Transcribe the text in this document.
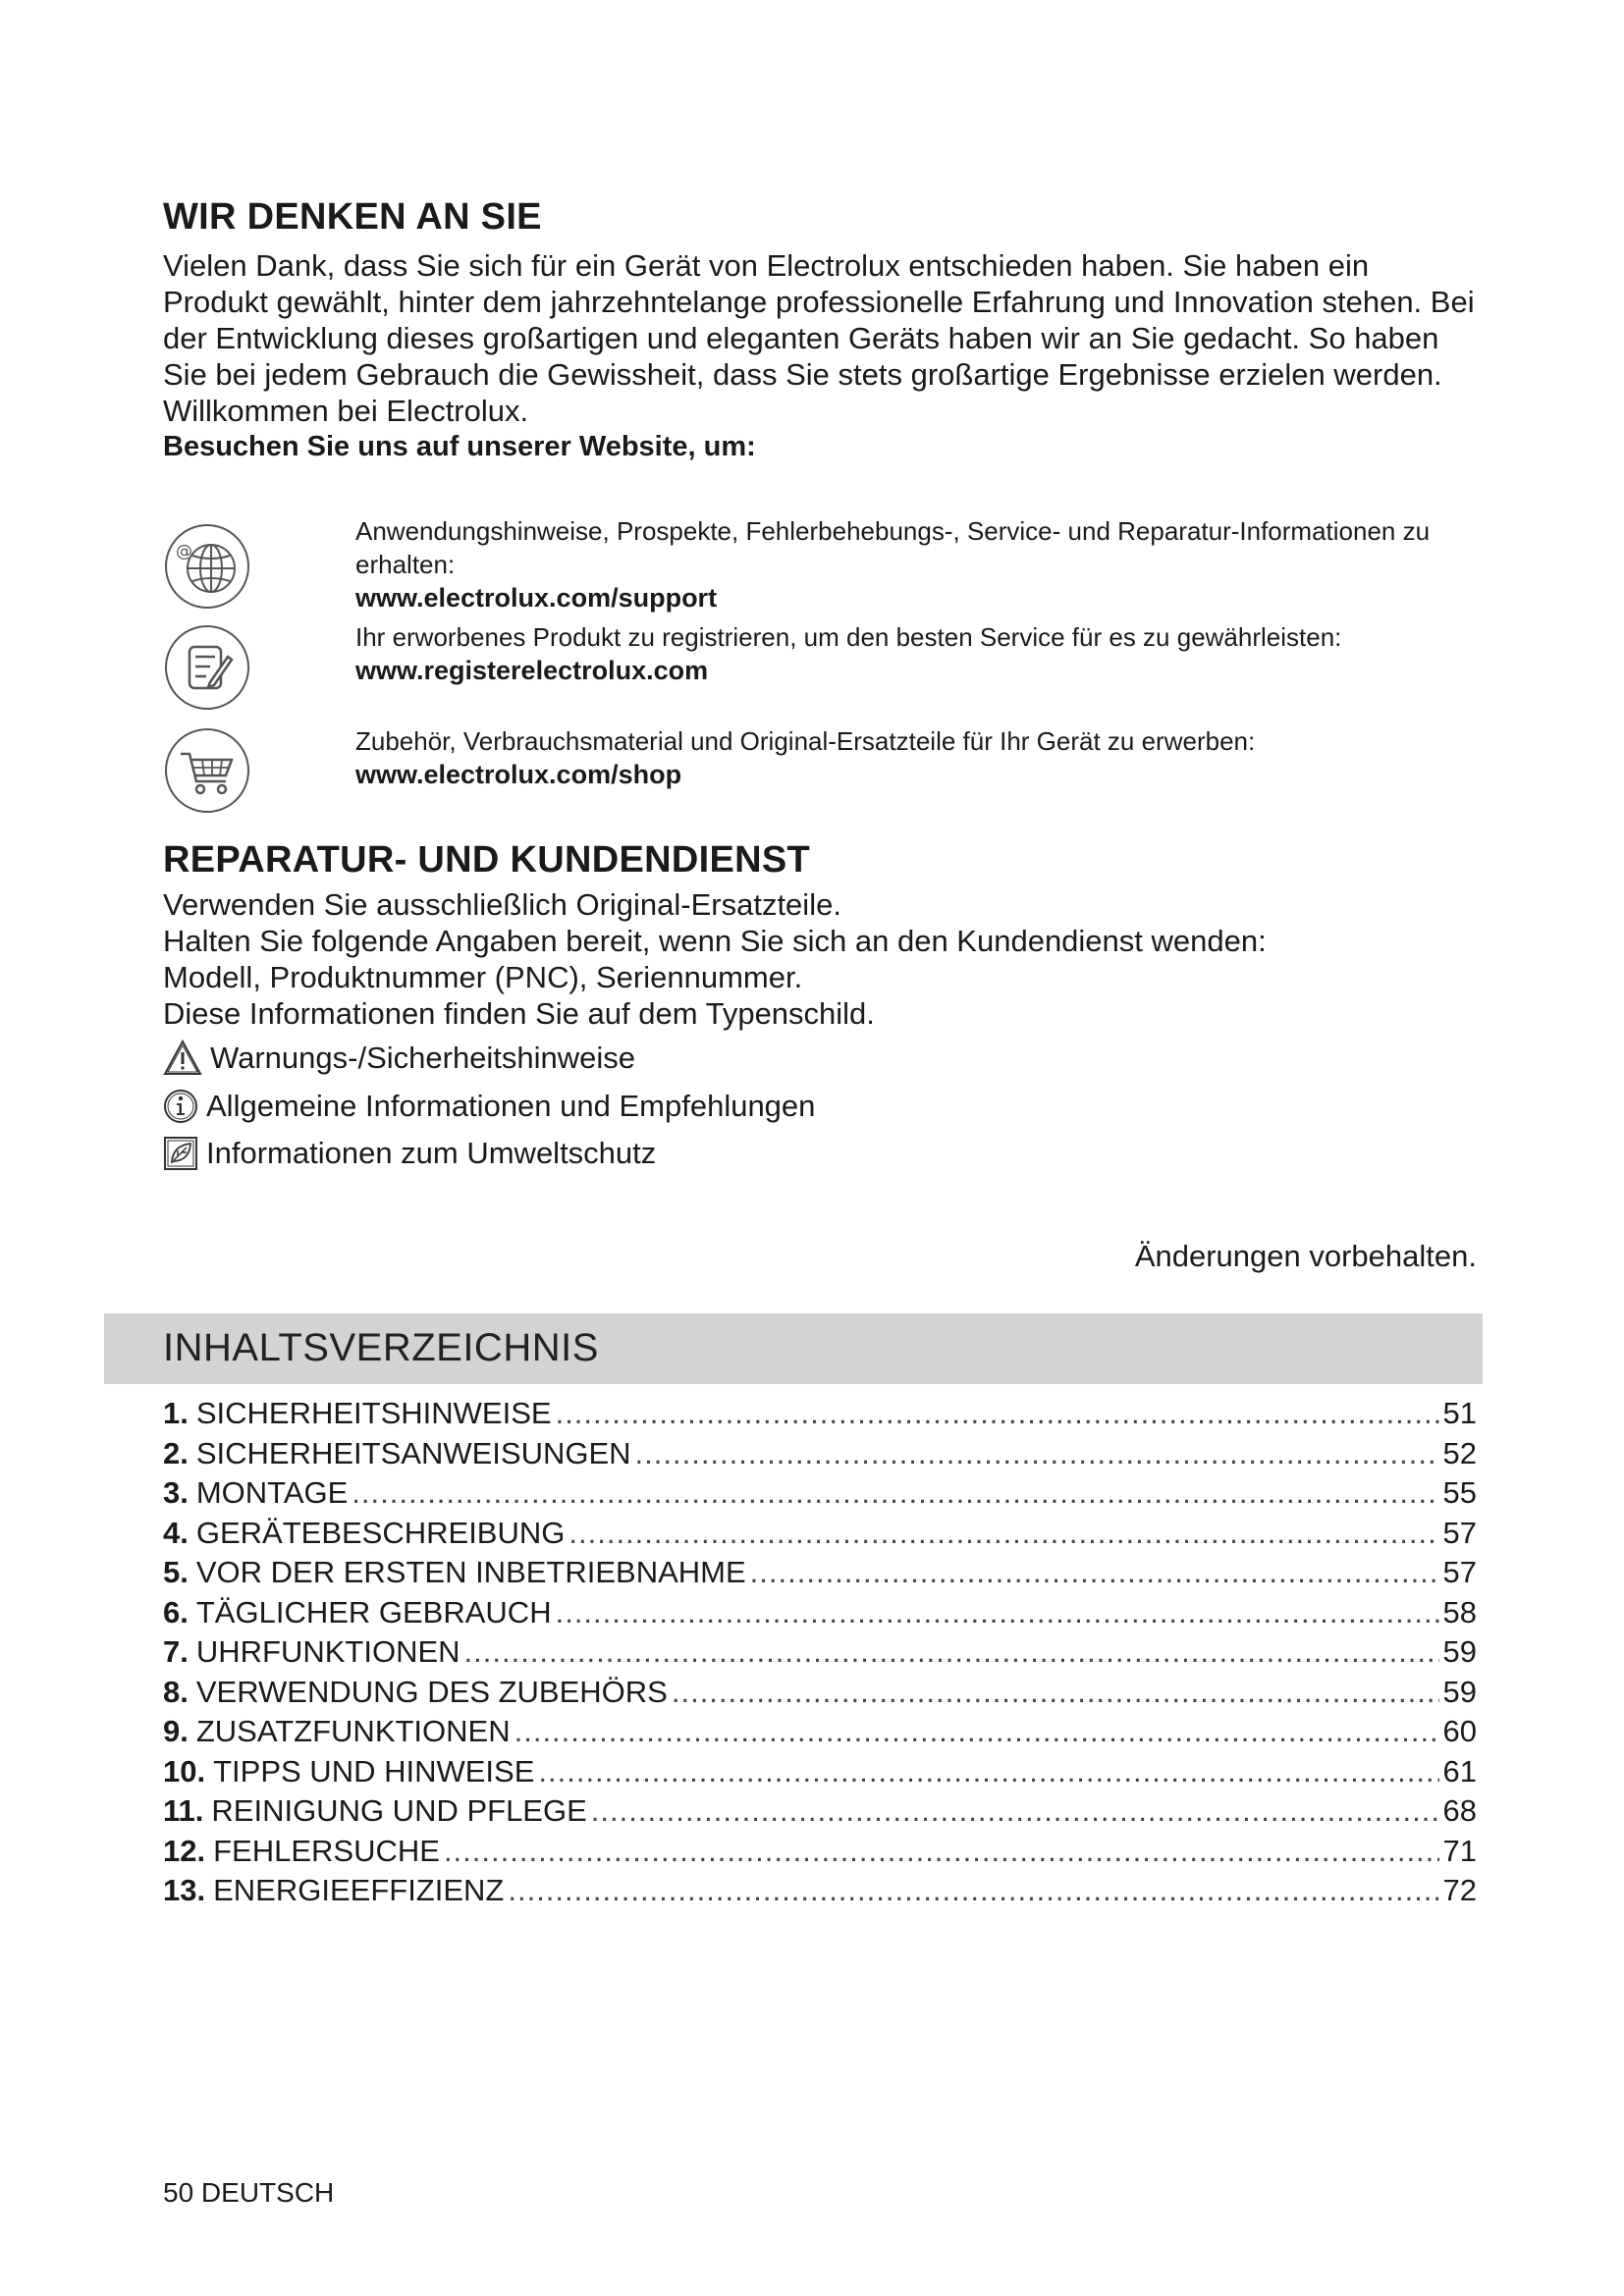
WIR DENKEN AN SIE

Vielen Dank, dass Sie sich für ein Gerät von Electrolux entschieden haben. Sie haben ein Produkt gewählt, hinter dem jahrzehntelange professionelle Erfahrung und Innovation stehen. Bei der Entwicklung dieses großartigen und eleganten Geräts haben wir an Sie gedacht. So haben Sie bei jedem Gebrauch die Gewissheit, dass Sie stets großartige Ergebnisse erzielen werden.

Willkommen bei Electrolux.

Besuchen Sie uns auf unserer Website, um:

@

Anwendungshinweise, Prospekte, Fehlerbehebungs-, Service- und Reparatur-Informationen zu erhalten:

www.electrolux.com/support

Ihr erworbenes Produkt zu registrieren, um den besten Service für es zu gewährleisten:

www.registerelectrolux.com

Zubehör, Verbrauchsmaterial und Original-Ersatzteile für Ihr Gerät zu erwerben:

www.electrolux.com/shop

REPARATUR- UND KUNDENDIENST

Verwenden Sie ausschließlich Original-Ersatzteile.

Halten Sie folgende Angaben bereit, wenn Sie sich an den Kundendienst wenden:

Modell, Produktnummer (PNC), Seriennummer.

Diese Informationen finden Sie auf dem Typenschild.

Warnungs-/Sicherheitshinweise
Allgemeine Informationen und Empfehlungen
Informationen zum Umweltschutz
Änderungen vorbehalten.
INHALTSVERZEICHNIS
1. SICHERHEITSHINWEISE .....	51
2. SICHERHEITSANWEISUNGEN .....	52
3. MONTAGE .....	55
4. GERÄTEBESCHREIBUNG .....	57
5. VOR DER ERSTEN INBETRIEBNAHME .....	57
6. TÄGLICHER GEBRAUCH .....	58
7. UHRFUNKTIONEN .....	59
8. VERWENDUNG DES ZUBEHÖRS .....	59
9. ZUSATZFUNKTIONEN .....	60
10. TIPPS UND HINWEISE .....	61
11. REINIGUNG UND PFLEGE .....	68
12. FEHLERSUCHE .....	71
13. ENERGIEEFFIZIENZ .....	72
50 DEUTSCH
